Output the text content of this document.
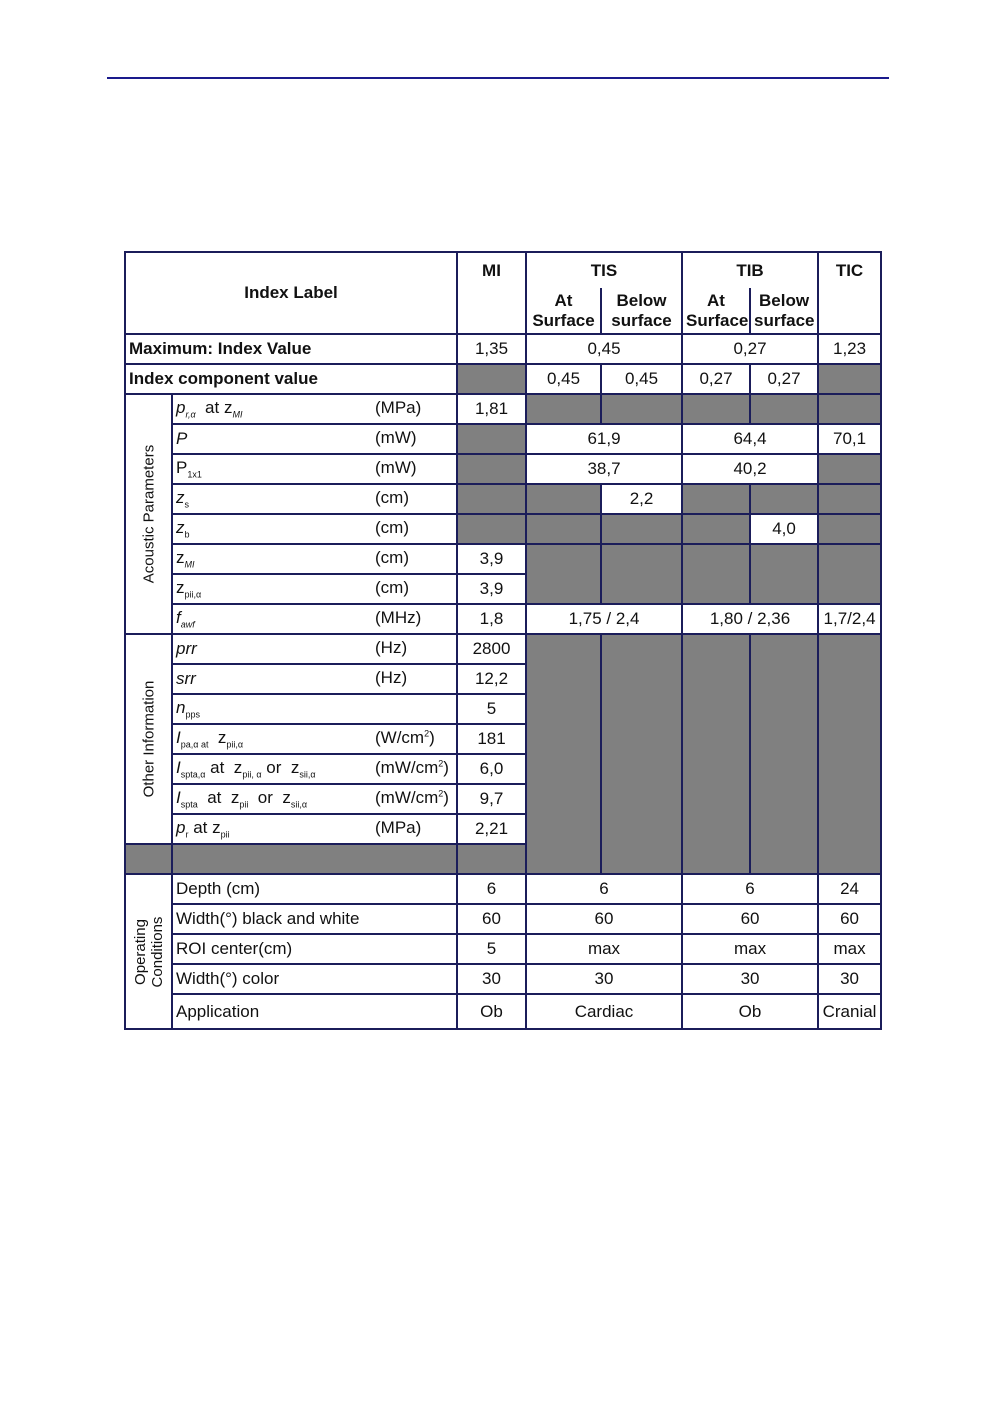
Index Label		MI	TIS		TIB		TIC
			At Surface	Below surface	At Surface	Below surface	
Maximum: Index Value		1,35	0,45		0,27		1,23
Index component value			0,45	0,45	0,27	0,27	

Acoustic Parameters	$p_{r,\alpha}$  at $z_{MI}$ (MPa)	1,81					
	P (mW)		61,9		64,4		70,1
	$P_{1x1}$ (mW)		38,7		40,2		
	$z_s$ (cm)			2,2			
	$z_b$ (cm)					4,0	
	$z_{MI}$ (cm)	3,9					
	$z_{pii,\alpha}$ (cm)	3,9					
	$f_{awf}$ (MHz)	1,8	1,75 / 2,4		1,80 / 2,36		1,7/2,4

Other Information	prr (Hz)	2800					
	srr (Hz)	12,2					
	$n_{pps}$	5					
	$I_{pa,\alpha at}$  $z_{pii,\alpha}$ $(W/cm^2)$	181					
	$I_{spta,\alpha}$ at  $z_{pii, \alpha}$ or  $z_{sii,\alpha}$ $(mW/cm^2)$	6,0					
	$I_{spta}$  at  $z_{pii}$  or  $z_{sii,\alpha}$ $(mW/cm^2)$	9,7					
	$p_r$ at $z_{pii}$ (MPa)	2,21					

Operating Conditions	Depth (cm)	6	6		6		24
	Width(°) black and white	60	60		60		60
	ROI center(cm)	5	max		max		max
	Width(°) color	30	30		30		30
	Application	Ob	Cardiac		Ob		Cranial
